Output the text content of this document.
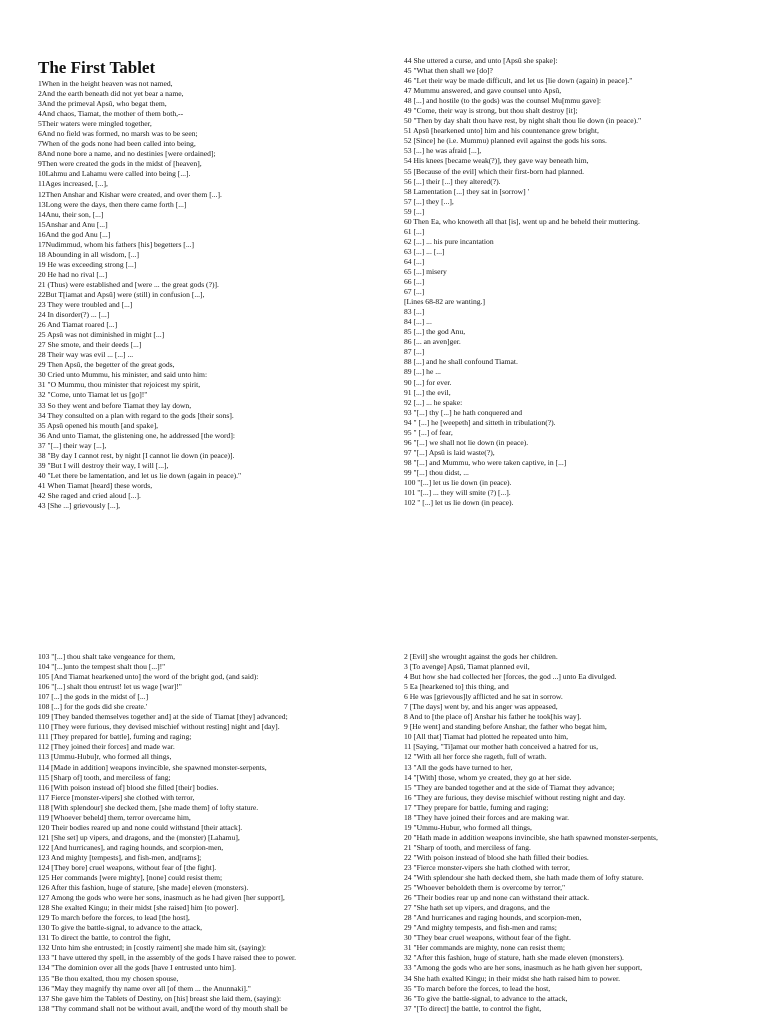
The First Tablet
1When in the height heaven was not named,
2And the earth beneath did not yet bear a name,
3And the primeval Apsû, who begat them,
4And chaos, Tiamat, the mother of them both,--
5Their waters were mingled together,
6And no field was formed, no marsh was to be seen;
7When of the gods none had been called into being,
8And none bore a name, and no destinies [were ordained];
9Then were created the gods in the midst of [heaven],
10Lahmu and Lahamu were called into being [...].
11Ages increased, [...],
12Then Anshar and Kishar were created, and over them [...].
13Long were the days, then there came forth [...]
14Anu, their son, [...]
15Anshar and Anu [...]
16And the god Anu [...]
17Nudimmud, whom his fathers [his] begetters [...]
18 Abounding in all wisdom, [...]
19 He was exceeding strong [...]
20 He had no rival [...]
21 (Thus) were established and [were ... the great gods (?)].
22But T[iamat and Apsû] were (still) in confusion [...],
23 They were troubled and [...]
24 In disorder(?) ... [...]
26 And Tiamat roared [...]
25 Apsû was not diminished in might [...]
27 She smote, and their deeds [...]
28 Their way was evil ... [...] ...
29 Then Apsû, the begetter of the great gods,
30 Cried unto Mummu, his minister, and said unto him:
31 "O Mummu, thou minister that rejoicest my spirit,
32 "Come, unto Tiamat let us [go]!"
33 So they went and before Tiamat they lay down,
34 They consulted on a plan with regard to the gods [their sons].
35 Apsû opened his mouth [and spake],
36 And unto Tiamat, the glistening one, he addressed [the word]:
37 "[...] their way [...],
38 "By day I cannot rest, by night [I cannot lie down (in peace)].
39 "But I will destroy their way, I will [...],
40 "Let there be lamentation, and let us lie down (again in peace)."
41 When Tiamat [heard] these words,
42 She raged and cried aloud [...].
43 [She ...] grievously [...],
44 She uttered a curse, and unto [Apsû she spake]:
45 "What then shall we [do]?
46 "Let their way be made difficult, and let us [lie down (again) in peace]."
47 Mummu answered, and gave counsel unto Apsû,
48 [...] and hostile (to the gods) was the counsel Mu[mmu gave]:
49 "Come, their way is strong, but thou shalt destroy [it];
50 "Then by day shalt thou have rest, by night shalt thou lie down (in peace)."
51 Apsû [hearkened unto] him and his countenance grew bright,
52 [Since] he (i.e. Mummu) planned evil against the gods his sons.
53 [...] he was afraid [...],
54 His knees [became weak(?)], they gave way beneath him,
55 [Because of the evil] which their first-born had planned.
56 [...] their [...] they altered(?).
58 Lamentation [...] they sat in [sorrow] '
57 [...] they [...],
59 [...]
60 Then Ea, who knoweth all that [is], went up and he beheld their muttering.
61 [...]
62 [...] ... his pure incantation
63 [...] ... [...]
64 [...]
65 [...] misery
66 [...]
67 [...]
[Lines 68-82 are wanting.]
83 [...]
84 [...] ...
85 [...] the god Anu,
86 [... an aven]ger.
87 [...]
88 [...] and he shall confound Tiamat.
89 [...] he ...
90 [...] for ever.
91 [...] the evil,
92 [...] ... he spake:
93 "[...] thy [...] he hath conquered and
94 " [...] he [weepeth] and sitteth in tribulation(?).
95 " [...] of fear,
96 "[...] we shall not lie down (in peace).
97 "[...] Apsû is laid waste(?),
98 "[...] and Mummu, who were taken captive, in [...]
99 "[...] thou didst, ...
100 "[...] let us lie down (in peace).
101 "[...] ... they will smite (?) [...].
102 " [...] let us lie down (in peace).
103 "[...] thou shalt take vengeance for them,
104 "[...]unto the tempest shalt thou [...]!"
105 [And Tiamat hearkened unto] the word of the bright god, (and said):
106 "[...] shalt thou entrust! let us wage [war]!"
107 [...] the gods in the midst of [...]
108 [...] for the gods did she create.'
109 [They banded themselves together and] at the side of Tiamat [they] advanced;
110 [They were furious, they devised mischief without resting] night and [day].
111 [They prepared for battle], fuming and raging;
112 [They joined their forces] and made war.
113 [Ummu-Hubu]r, who formed all things,
114 [Made in addition] weapons invincible, she spawned monster-serpents,
115 [Sharp of] tooth, and merciless of fang;
116 [With poison instead of] blood she filled [their] bodies.
117 Fierce [monster-vipers] she clothed with terror,
118 [With splendour] she decked them, [she made them] of lofty stature.
119 [Whoever beheld] them, terror overcame him,
120 Their bodies reared up and none could withstand [their attack].
121 [She set] up vipers, and dragons, and the (monster) [Lahamu],
122 [And hurricanes], and raging hounds, and scorpion-men,
123 And mighty [tempests], and fish-men, and[rams];
124 [They bore] cruel weapons, without fear of [the fight].
125 Her commands [were mighty], [none] could resist them;
126 After this fashion, huge of stature, [she made] eleven (monsters).
127 Among the gods who were her sons, inasmuch as he had given [her support],
128 She exalted Kingu; in their midst [she raised] him [to power].
129 To march before the forces, to lead [the host],
130 To give the battle-signal, to advance to the attack,
131 To direct the battle, to control the fight,
132 Unto him she entrusted; in [costly raiment] she made him sit, (saying):
133 "I have uttered thy spell, in the assembly of the gods I have raised thee to power.
134 "The dominion over all the gods [have I entrusted unto him].
135 "Be thou exalted, thou my chosen spouse,
136 "May they magnify thy name over all [of them ... the Anunnaki]."
137 She gave him the Tablets of Destiny, on [his] breast she laid them, (saying):
138 "Thy command shall not be without avail, and[the word of thy mouth shall be
2 [Evil] she wrought against the gods her children.
3 [To avenge] Apsû, Tiamat planned evil,
4 But how she had collected her [forces, the god ...] unto Ea divulged.
5 Ea [hearkened to] this thing, and
6 He was [grievous]ly afflicted and he sat in sorrow.
7 [The days] went by, and his anger was appeased,
8 And to [the place of] Anshar his father he took[his way].
9 [He went] and standing before Anshar, the father who begat him,
10 [All that] Tiamat had plotted he repeated unto him,
11 [Saying, "Ti]amat our mother hath conceived a hatred for us,
12 "With all her force she rageth, full of wrath.
13 "All the gods have turned to her,
14 "[With] those, whom ye created, they go at her side.
15 "They are banded together and at the side of Tiamat they advance;
16 "They are furious, they devise mischief without resting night and day.
17 "They prepare for battle, fuming and raging;
18 "They have joined their forces and are making war.
19 "Ummu-Hubur, who formed all things,
20 "Hath made in addition weapons invincible, she hath spawned monster-serpents,
21 "Sharp of tooth, and merciless of fang.
22 "With poison instead of blood she hath filled their bodies.
23 "Fierce monster-vipers she hath clothed with terror,
24 "With splendour she hath decked them, she hath made them of lofty stature.
25 "Whoever beholdeth them is overcome by terror,"
26 "Their bodies rear up and none can withstand their attack.
27 "She hath set up vipers, and dragons, and the
28 "And hurricanes and raging hounds, and scorpion-men,
29 "And mighty tempests, and fish-men and rams;
30 "They bear cruel weapons, without fear of the fight.
31 "Her commands are mighty, none can resist them;
32 "After this fashion, huge of stature, hath she made eleven (monsters).
33 "Among the gods who are her sons, inasmuch as he hath given her support,
34 She hath exalted Kingu; in their midst she hath raised him to power.
35 "To march before the forces, to lead the host,
36 "To give the battle-signal, to advance to the attack,
37 "[To direct] the battle, to control the fight,
